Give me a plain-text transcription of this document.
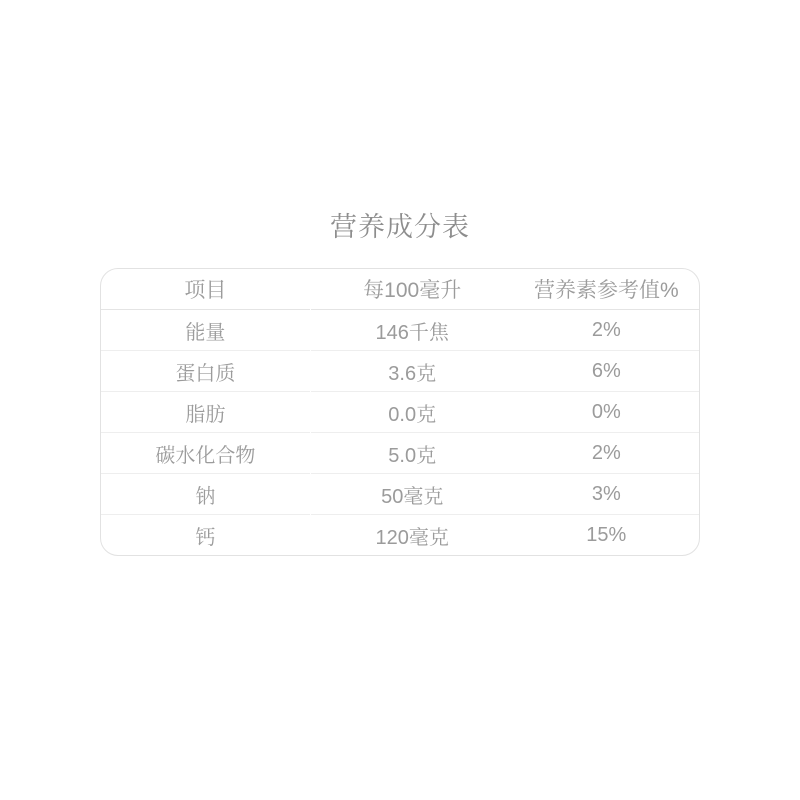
营养成分表
项目	每100毫升	营养素参考值%
能量	146千焦	2%
蛋白质	3.6克	6%
脂肪	0.0克	0%
碳水化合物	5.0克	2%
钠	50毫克	3%
钙	120毫克	15%
